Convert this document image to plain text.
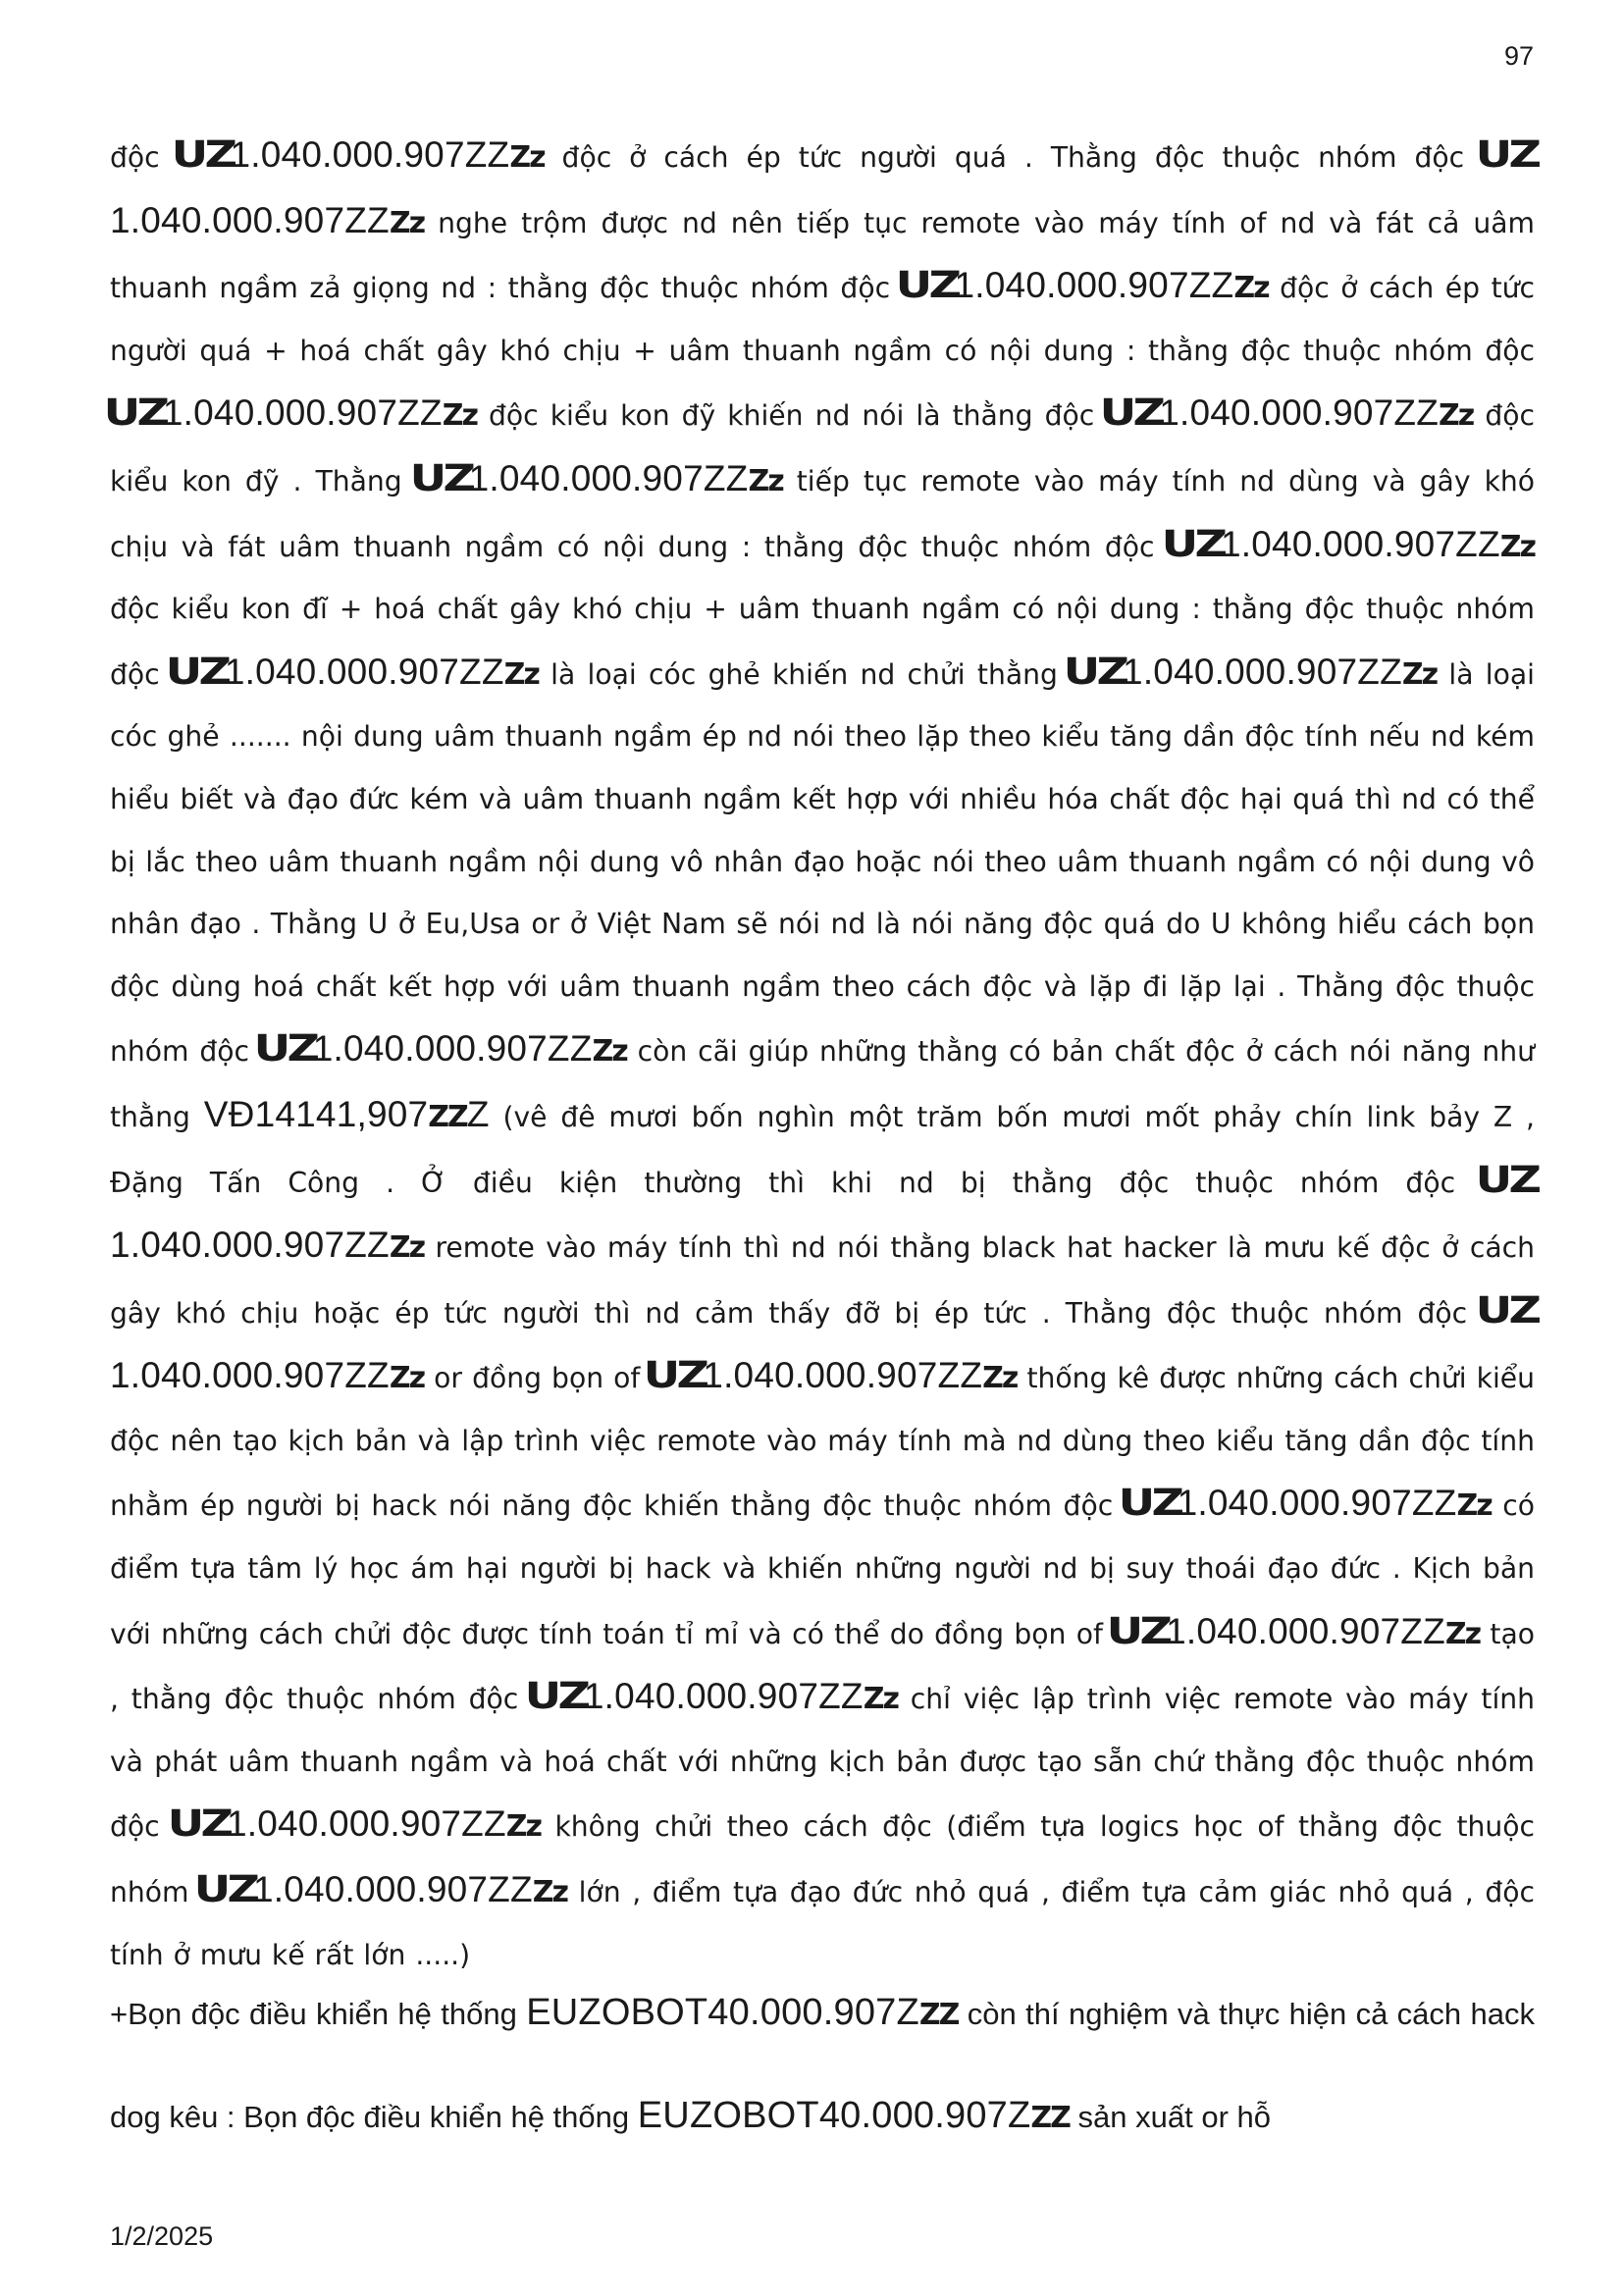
97

độc UZ1.040.000.907ZZZz độc ở cách ép tức người quá . Thằng độc thuộc nhóm độc UZ1.040.000.907ZZZz nghe trộm được nd nên tiếp tục remote vào máy tính of nd và fát cả uâm thuanh ngầm zả giọng nd : thằng độc thuộc nhóm độc UZ1.040.000.907ZZZz độc ở cách ép tức người quá + hoá chất gây khó chịu + uâm thuanh ngầm có nội dung : thằng độc thuộc nhóm độc UZ1.040.000.907ZZZz độc kiểu kon đỹ khiến nd nói là thằng độc UZ1.040.000.907ZZZz độc kiểu kon đỹ . Thằng UZ1.040.000.907ZZZz tiếp tục remote vào máy tính nd dùng và gây khó chịu và fát uâm thuanh ngầm có nội dung : thằng độc thuộc nhóm độc UZ1.040.000.907ZZZz độc kiểu kon đĩ + hoá chất gây khó chịu + uâm thuanh ngầm có nội dung : thằng độc thuộc nhóm độc UZ1.040.000.907ZZZz là loại cóc ghẻ khiến nd chửi thằng UZ1.040.000.907ZZZz là loại cóc ghẻ ....... nội dung uâm thuanh ngầm ép nd nói theo lặp theo kiểu tăng dần độc tính nếu nd kém hiểu biết và đạo đức kém và uâm thuanh ngầm kết hợp với nhiều hóa chất độc hại quá thì nd có thể bị lắc theo uâm thuanh ngầm nội dung vô nhân đạo hoặc nói theo uâm thuanh ngầm có nội dung vô nhân đạo . Thằng U ở Eu,Usa or ở Việt Nam sẽ nói nd là nói năng độc quá do U không hiểu cách bọn độc dùng hoá chất kết hợp với uâm thuanh ngầm theo cách độc và lặp đi lặp lại . Thằng độc thuộc nhóm độc UZ1.040.000.907ZZZz còn cãi giúp những thằng có bản chất độc ở cách nói năng như thằng VĐ14141,907ZZZ (vê đê mươi bốn nghìn một trăm bốn mươi mốt phảy chín link bảy Z , Đặng Tấn Công . Ở điều kiện thường thì khi nd bị thằng độc thuộc nhóm độc UZ1.040.000.907ZZZz remote vào máy tính thì nd nói thằng black hat hacker là mưu kế độc ở cách gây khó chịu hoặc ép tức người thì nd cảm thấy đỡ bị ép tức . Thằng độc thuộc nhóm độc UZ1.040.000.907ZZZz or đồng bọn of UZ1.040.000.907ZZZz thống kê được những cách chửi kiểu độc nên tạo kịch bản và lập trình việc remote vào máy tính mà nd dùng theo kiểu tăng dần độc tính nhằm ép người bị hack nói năng độc khiến thằng độc thuộc nhóm độc UZ1.040.000.907ZZZz có điểm tựa tâm lý học ám hại người bị hack và khiến những người nd bị suy thoái đạo đức . Kịch bản với những cách chửi độc được tính toán tỉ mỉ và có thể do đồng bọn of UZ1.040.000.907ZZZz tạo , thằng độc thuộc nhóm độc UZ1.040.000.907ZZZz chỉ việc lập trình việc remote vào máy tính và phát uâm thuanh ngầm và hoá chất với những kịch bản được tạo sẵn chứ thằng độc thuộc nhóm độc UZ1.040.000.907ZZZz không chửi theo cách độc (điểm tựa logics học of thằng độc thuộc nhóm UZ1.040.000.907ZZZz lớn , điểm tựa đạo đức nhỏ quá , điểm tựa cảm giác nhỏ quá , độc tính ở mưu kế rất lớn .....)

+Bọn độc điều khiển hệ thống EUZOBOT40.000.907ZZZ còn thí nghiệm và thực hiện cả cách hack dog kêu : Bọn độc điều khiển hệ thống EUZOBOT40.000.907ZZZ sản xuất or hỗ

1/2/2025
